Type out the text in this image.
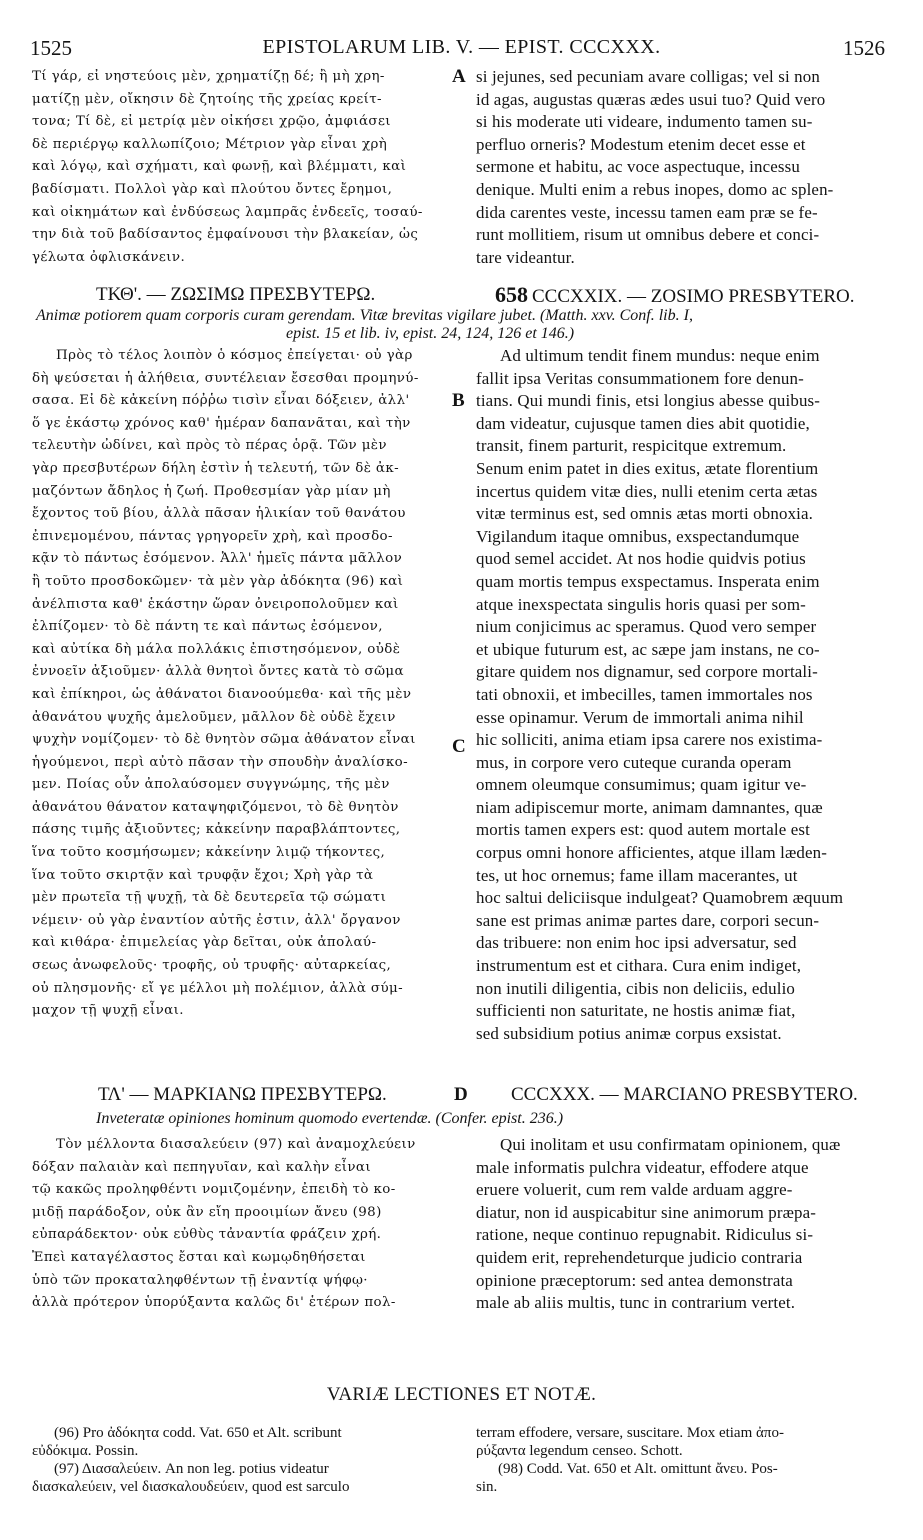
1525	EPISTOLARUM LIB. V. — EPIST. CCCXXX.	1526
Τί γάρ, εἰ νηστεύοις μὲν, χρηματίζῃ δέ; ἢ μὴ χρη-
ματίζῃ μὲν, οἴκησιν δὲ ζητοίης τῆς χρείας κρείτ-
τονα; Τί δὲ, εἰ μετρίᾳ μὲν οἰκήσει χρῷο, ἀμφιάσει
δὲ περιέργῳ καλλωπίζοιο; Μέτριον γὰρ εἶναι χρὴ
καὶ λόγῳ, καὶ σχήματι, καὶ φωνῇ, καὶ βλέμματι, καὶ
βαδίσματι. Πολλοὶ γὰρ καὶ πλούτου ὄντες ἔρημοι,
καὶ οἰκημάτων καὶ ἐνδύσεως λαμπρᾶς ἐνδεεῖς, τοσαύ-
την διὰ τοῦ βαδίσαντος ἐμφαίνουσι τὴν βλακείαν, ὡς
γέλωτα ὀφλισκάνειν.
si jejunes, sed pecuniam avare colligas; vel si non
id agas, augustas quæras ædes usui tuo? Quid vero
si his moderate uti videare, indumento tamen su-
perfluo orneris? Modestum etenim decet esse et
sermone et habitu, ac voce aspectuque, incessu
denique. Multi enim a rebus inopes, domo ac splen-
dida carentes veste, incessu tamen eam præ se fe-
runt mollitiem, risum ut omnibus debere et conci-
tare videantur.
A
ΤΚΘ'. — ΖΩΣΙΜΩ ΠΡΕΣΒΥΤΕΡΩ.	658 CCCXXIX. — ZOSIMO PRESBYTERO.
Animæ potiorem quam corporis curam gerendam. Vitæ brevitas vigilare jubet. (Matth. xxv. Conf. lib. I,
epist. 15 et lib. iv, epist. 24, 124, 126 et 146.)
Πρὸς τὸ τέλος λοιπὸν ὁ κόσμος ἐπείγεται· οὐ γὰρ
δὴ ψεύσεται ἡ ἀλήθεια, συντέλειαν ἔσεσθαι προμηνύ-
σασα. Εἰ δὲ κἀκείνη πόῤῥω τισὶν εἶναι δόξειεν, ἀλλ'
ὅ γε ἑκάστῳ χρόνος καθ' ἡμέραν δαπανᾶται, καὶ τὴν
τελευτὴν ὠδίνει, καὶ πρὸς τὸ πέρας ὁρᾷ. Τῶν μὲν
γὰρ πρεσβυτέρων δήλη ἐστὶν ἡ τελευτή, τῶν δὲ ἀκ-
μαζόντων ἄδηλος ἡ ζωή. Προθεσμίαν γὰρ μίαν μὴ
ἔχοντος τοῦ βίου, ἀλλὰ πᾶσαν ἡλικίαν τοῦ θανάτου
ἐπινεμομένου, πάντας γρηγορεῖν χρὴ, καὶ προσδο-
κᾷν τὸ πάντως ἐσόμενον. Ἀλλ' ἡμεῖς πάντα μᾶλλον
ἢ τοῦτο προσδοκῶμεν· τὰ μὲν γὰρ ἀδόκητα (96) καὶ
ἀνέλπιστα καθ' ἑκάστην ὥραν ὀνειροπολοῦμεν καὶ
ἐλπίζομεν· τὸ δὲ πάντη τε καὶ πάντως ἐσόμενον,
καὶ αὐτίκα δὴ μάλα πολλάκις ἐπιστησόμενον, οὐδὲ
ἐννοεῖν ἀξιοῦμεν· ἀλλὰ θνητοὶ ὄντες κατὰ τὸ σῶμα
καὶ ἐπίκηροι, ὡς ἀθάνατοι διανοούμεθα· καὶ τῆς μὲν
ἀθανάτου ψυχῆς ἀμελοῦμεν, μᾶλλον δὲ οὐδὲ ἔχειν
ψυχὴν νομίζομεν· τὸ δὲ θνητὸν σῶμα ἀθάνατον εἶναι
ἡγούμενοι, περὶ αὐτὸ πᾶσαν τὴν σπουδὴν ἀναλίσκο-
μεν. Ποίας οὖν ἀπολαύσομεν συγγνώμης, τῆς μὲν
ἀθανάτου θάνατον καταψηφιζόμενοι, τὸ δὲ θνητὸν
πάσης τιμῆς ἀξιοῦντες; κἀκείνην παραβλάπτοντες,
ἵνα τοῦτο κοσμήσωμεν; κἀκείνην λιμῷ τήκοντες,
ἵνα τοῦτο σκιρτᾷν καὶ τρυφᾷν ἔχοι; Χρὴ γὰρ τὰ
μὲν πρωτεῖα τῇ ψυχῇ, τὰ δὲ δευτερεῖα τῷ σώματι
νέμειν· οὐ γὰρ ἐναντίον αὐτῆς ἐστιν, ἀλλ' ὄργανον
καὶ κιθάρα· ἐπιμελείας γὰρ δεῖται, οὐκ ἀπολαύ-
σεως ἀνωφελοῦς· τροφῆς, οὐ τρυφῆς· αὐταρκείας,
οὐ πλησμονῆς· εἴ γε μέλλοι μὴ πολέμιον, ἀλλὰ σύμ-
μαχον τῇ ψυχῇ εἶναι.
Ad ultimum tendit finem mundus: neque enim
fallit ipsa Veritas consummationem fore denun-
tians. Qui mundi finis, etsi longius abesse quibus-
dam videatur, cujusque tamen dies abit quotidie,
transit, finem parturit, respicitque extremum.
Senum enim patet in dies exitus, ætate florentium
incertus quidem vitæ dies, nulli etenim certa ætas
vitæ terminus est, sed omnis ætas morti obnoxia.
Vigilandum itaque omnibus, exspectandumque
quod semel accidet. At nos hodie quidvis potius
quam mortis tempus exspectamus. Insperata enim
atque inexspectata singulis horis quasi per som-
nium conjicimus ac speramus. Quod vero semper
et ubique futurum est, ac sæpe jam instans, ne co-
gitare quidem nos dignamur, sed corpore mortali-
tati obnoxii, et imbecilles, tamen immortales nos
esse opinamur. Verum de immortali anima nihil
hic solliciti, anima etiam ipsa carere nos existima-
mus, in corpore vero cuteque curanda operam
omnem oleumque consumimus; quam igitur ve-
niam adipiscemur morte, animam damnantes, quæ
mortis tamen expers est: quod autem mortale est
corpus omni honore afficientes, atque illam læden-
tes, ut hoc ornemus; fame illam macerantes, ut
hoc saltui deliciisque indulgeat? Quamobrem æquum
sane est primas animæ partes dare, corpori secun-
das tribuere: non enim hoc ipsi adversatur, sed
instrumentum est et cithara. Cura enim indiget,
non inutili diligentia, cibis non deliciis, edulio
sufficienti non saturitate, ne hostis animæ fiat,
sed subsidium potius animæ corpus exsistat.
B
C
ΤΛ' — ΜΑΡΚΙΑΝΩ ΠΡΕΣΒΥΤΕΡΩ.	D CCCXXX. — MARCIANO PRESBYTERO.
Inveteratæ opiniones hominum quomodo evertendæ. (Confer. epist. 236.)
Τὸν μέλλοντα διασαλεύειν (97) καὶ ἀναμοχλεύειν
δόξαν παλαιὰν καὶ πεπηγυῖαν, καὶ καλὴν εἶναι
τῷ κακῶς προληφθέντι νομιζομένην, ἐπειδὴ τὸ κο-
μιδῇ παράδοξον, οὐκ ἂν εἴη προοιμίων ἄνευ (98)
εὐπαράδεκτον· οὐκ εὐθὺς τἀναντία φράζειν χρή.
Ἐπεὶ καταγέλαστος ἔσται καὶ κωμῳδηθήσεται
ὑπὸ τῶν προκαταληφθέντων τῇ ἐναντίᾳ ψήφῳ·
ἀλλὰ πρότερον ὑπορύξαντα καλῶς δι' ἑτέρων πολ-
Qui inolitam et usu confirmatam opinionem, quæ
male informatis pulchra videatur, effodere atque
eruere voluerit, cum rem valde arduam aggre-
diatur, non id auspicabitur sine animorum præpa-
ratione, neque continuo repugnabit. Ridiculus si-
quidem erit, reprehendeturque judicio contraria
opinione præceptorum: sed antea demonstrata
male ab aliis multis, tunc in contrarium vertet.
VARIÆ LECTIONES ET NOTÆ.
(96) Pro ἀδόκητα codd. Vat. 650 et Alt. scribunt
εὐδόκιμα. Possin.
(97) Διασαλεύειν. An non leg. potius videatur
διασκαλεύειν, vel διασκαλουδεύειν, quod est sarculo
terram effodere, versare, suscitare. Mox etiam ἀπο-
ρύξαντα legendum censeo. Schott.
(98) Codd. Vat. 650 et Alt. omittunt ἄνευ. Pos-
sin.
